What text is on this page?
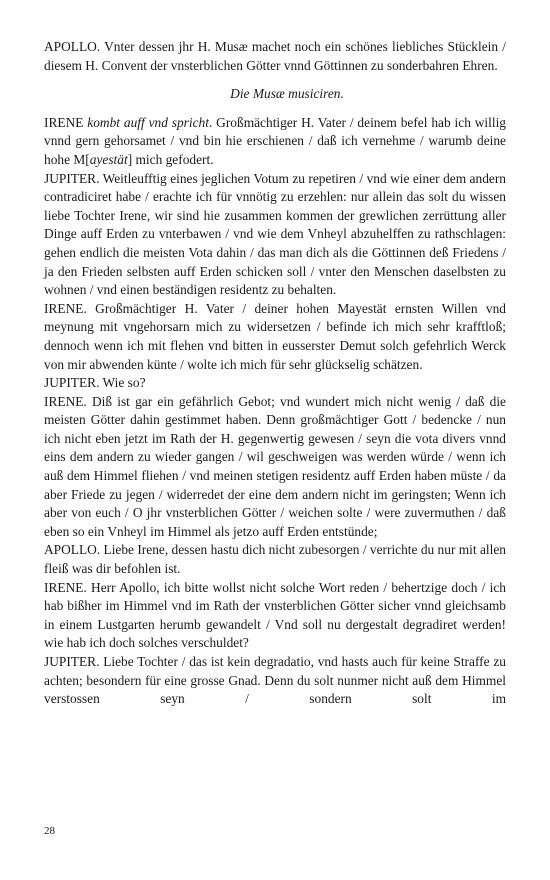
APOLLO. Vnter dessen jhr H. Musæ machet noch ein schönes liebliches Stücklein / diesem H. Convent der vnsterblichen Götter vnnd Göttinnen zu sonderbahren Ehren.

Die Musæ musiciren.

IRENE kombt auff vnd spricht. Großmächtiger H. Vater / deinem befel hab ich willig vnnd gern gehorsamet / vnd bin hie erschienen / daß ich vernehme / warumb deine hohe M[ayestät] mich gefodert.

JUPITER. Weitleufftig eines jeglichen Votum zu repetiren / vnd wie einer dem andern contradiciret habe / erachte ich für vnnötig zu erzehlen: nur allein das solt du wissen liebe Tochter Irene, wir sind hie zusammen kommen der grewlichen zerrüttung aller Dinge auff Erden zu vnterbawen / vnd wie dem Vnheyl abzuhelffen zu rathschlagen: gehen endlich die meisten Vota dahin / das man dich als die Göttinnen deß Friedens / ja den Frieden selbsten auff Erden schicken soll / vnter den Menschen daselbsten zu wohnen / vnd einen beständigen residentz zu behalten.

IRENE. Großmächtiger H. Vater / deiner hohen Mayestät ernsten Willen vnd meynung mit vngehorsarn mich zu widersetzen / befinde ich mich sehr krafftloß; dennoch wenn ich mit flehen vnd bitten in eusserster Demut solch gefehrlich Werck von mir abwenden künte / wolte ich mich für sehr glückselig schätzen.

JUPITER. Wie so?

IRENE. Diß ist gar ein gefährlich Gebot; vnd wundert mich nicht wenig / daß die meisten Götter dahin gestimmet haben. Denn großmächtiger Gott / bedencke / nun ich nicht eben jetzt im Rath der H. gegenwertig gewesen / seyn die vota divers vnnd eins dem andern zu wieder gangen / wil geschweigen was werden würde / wenn ich auß dem Himmel fliehen / vnd meinen stetigen residentz auff Erden haben müste / da aber Friede zu jegen / widerredet der eine dem andern nicht im geringsten; Wenn ich aber von euch / O jhr vnsterblichen Götter / weichen solte / were zuvermuthen / daß eben so ein Vnheyl im Himmel als jetzo auff Erden entstünde;

APOLLO. Liebe Irene, dessen hastu dich nicht zubesorgen / verrichte du nur mit allen fleiß was dir befohlen ist.

IRENE. Herr Apollo, ich bitte wollst nicht solche Wort reden / behertzige doch / ich hab bißher im Himmel vnd im Rath der vnsterblichen Götter sicher vnnd gleichsamb in einem Lustgarten herumb gewandelt / Vnd soll nu dergestalt degradiret werden! wie hab ich doch solches verschuldet?

JUPITER. Liebe Tochter / das ist kein degradatio, vnd hasts auch für keine Straffe zu achten; besondern für eine grosse Gnad. Denn du solt nunmer nicht auß dem Himmel verstossen seyn / sondern solt im

28
